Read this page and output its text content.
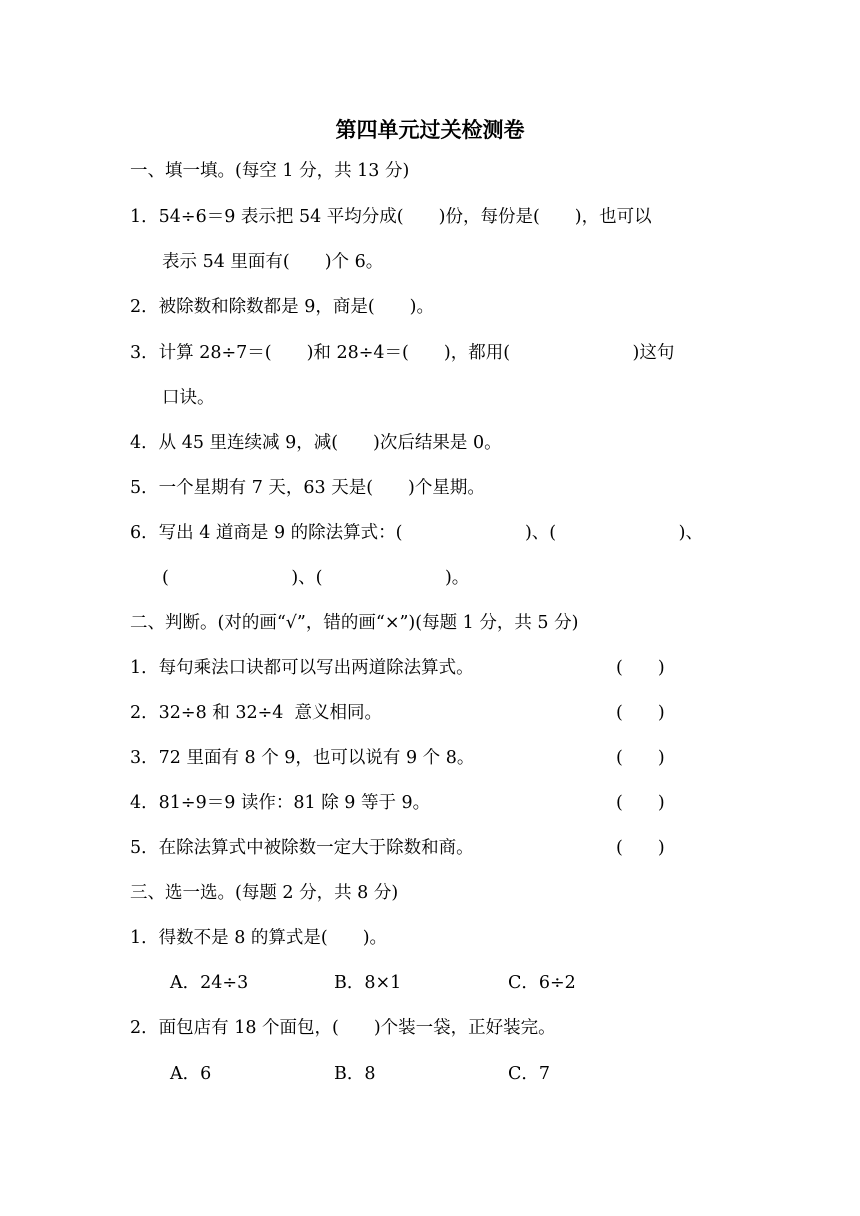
第四单元过关检测卷
一、填一填。(每空 1 分，共 13 分)
1．54÷6＝9 表示把 54 平均分成(　　)份，每份是(　　)，也可以
表示 54 里面有(　　)个 6。
2．被除数和除数都是 9，商是(　　)。
3．计算 28÷7＝(　　)和 28÷4＝(　　)，都用(　　　　　　　)这句
口诀。
4．从 45 里连续减 9，减(　　)次后结果是 0。
5．一个星期有 7 天，63 天是(　　)个星期。
6．写出 4 道商是 9 的除法算式：(　　　　　　　)、(　　　　　　　)、
(　　　　　　　)、(　　　　　　　)。
二、判断。(对的画“√”，错的画“×”)(每题 1 分，共 5 分)
1．每句乘法口诀都可以写出两道除法算式。	(　　)
2．32÷8 和 32÷4  意义相同。	(　　)
3．72 里面有 8 个 9，也可以说有 9 个 8。	(　　)
4．81÷9＝9 读作：81 除 9 等于 9。	(　　)
5．在除法算式中被除数一定大于除数和商。	(　　)
三、选一选。(每题 2 分，共 8 分)
1．得数不是 8 的算式是(　　)。
A．24÷3	B．8×1	C．6÷2
2．面包店有 18 个面包，(　　)个装一袋，正好装完。
A．6	B．8	C．7
